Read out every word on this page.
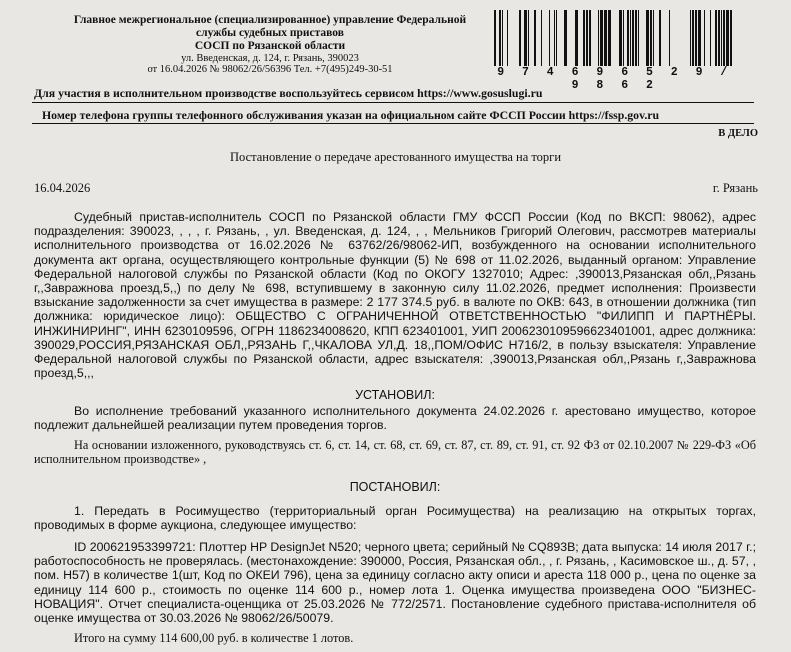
Главное межрегиональное (специализированное) управление Федеральной
службы судебных приставов
СОСП по Рязанской области
ул. Введенская, д. 124, г. Рязань, 390023
от 16.04.2026 № 98062/26/56396 Тел. +7(495)249-30-51	9 7 4 6 9 6 5 2 9 / 9 8 6 2
Для участия в исполнительном производстве воспользуйтесь сервисом https://www.gosuslugi.ru
Номер телефона группы телефонного обслуживания указан на официальном сайте ФССП России https://fssp.gov.ru
В ДЕЛО
Постановление о передаче арестованного имущества на торги
16.04.2026	г. Рязань

Судебный пристав-исполнитель СОСП по Рязанской области ГМУ ФССП России (Код по ВКСП: 98062), адрес подразделения: 390023, , , , г. Рязань, , ул. Введенская, д. 124, , , Мельников Григорий Олегович, рассмотрев материалы исполнительного производства от 16.02.2026 № 63762/26/98062-ИП, возбужденного на основании исполнительного документа акт органа, осуществляющего контрольные функции (5) № 698 от 11.02.2026, выданный органом: Управление Федеральной налоговой службы по Рязанской области (Код по ОКОГУ 1327010; Адрес: ,390013,Рязанская обл,,Рязань г,,Завражнова проезд,5,,) по делу № 698, вступившему в законную силу 11.02.2026, предмет исполнения: Произвести взыскание задолженности за счет имущества в размере: 2 177 374.5 руб. в валюте по ОКВ: 643, в отношении должника (тип должника: юридическое лицо): ОБЩЕСТВО С ОГРАНИЧЕННОЙ ОТВЕТСТВЕННОСТЬЮ "ФИЛИПП И ПАРТНЁРЫ. ИНЖИНИРИНГ", ИНН 6230109596, ОГРН 1186234008620, КПП 623401001, УИП 20062301095966234010​01, адрес должника: 390029,РОССИЯ,РЯЗАНСКАЯ ОБЛ,,РЯЗАНЬ Г,,ЧКАЛОВА УЛ,Д. 18,,ПОМ/ОФИС Н716/2, в пользу взыскателя: Управление Федеральной налоговой службы по Рязанской области, адрес взыскателя: ,390013,Рязанская обл,,Рязань г,,Завражнова проезд,5,,,

УСТАНОВИЛ:

Во исполнение требований указанного исполнительного документа 24.02.2026 г. арестовано имущество, которое подлежит дальнейшей реализации путем проведения торгов.

На основании изложенного, руководствуясь ст. 6, ст. 14, ст. 68, ст. 69, ст. 87, ст. 89, ст. 91, ст. 92 ФЗ от 02.10.2007 № 229-ФЗ «Об исполнительном производстве» ,

ПОСТАНОВИЛ:

1. Передать в Росимущество (территориальный орган Росимущества) на реализацию на открытых торгах, проводимых в форме аукциона, следующее имущество:

ID 200621953399721: Плоттер HP DesignJet N520; черного цвета; серийный № CQ893B; дата выпуска: 14 июля 2017 г.; работоспособность не проверялась. (местонахождение: 390000, Россия, Рязанская обл., , г. Рязань, , Касимовское ш., д. 57, , пом. Н57) в количестве 1(шт, Код по ОКЕИ 796), цена за единицу согласно акту описи и ареста 118 000 р., цена по оценке за единицу 114 600 р., стоимость по оценке 114 600 р., номер лота 1. Оценка имущества произведена ООО "БИЗНЕС-НОВАЦИЯ". Отчет специалиста-оценщика от 25.03.2026 № 772/2571. Постановление судебного пристава-исполнителя об оценке имущества от 30.03.2026 № 98062/26/50079.

Итого на сумму 114 600,00 руб. в количестве 1 лотов.
